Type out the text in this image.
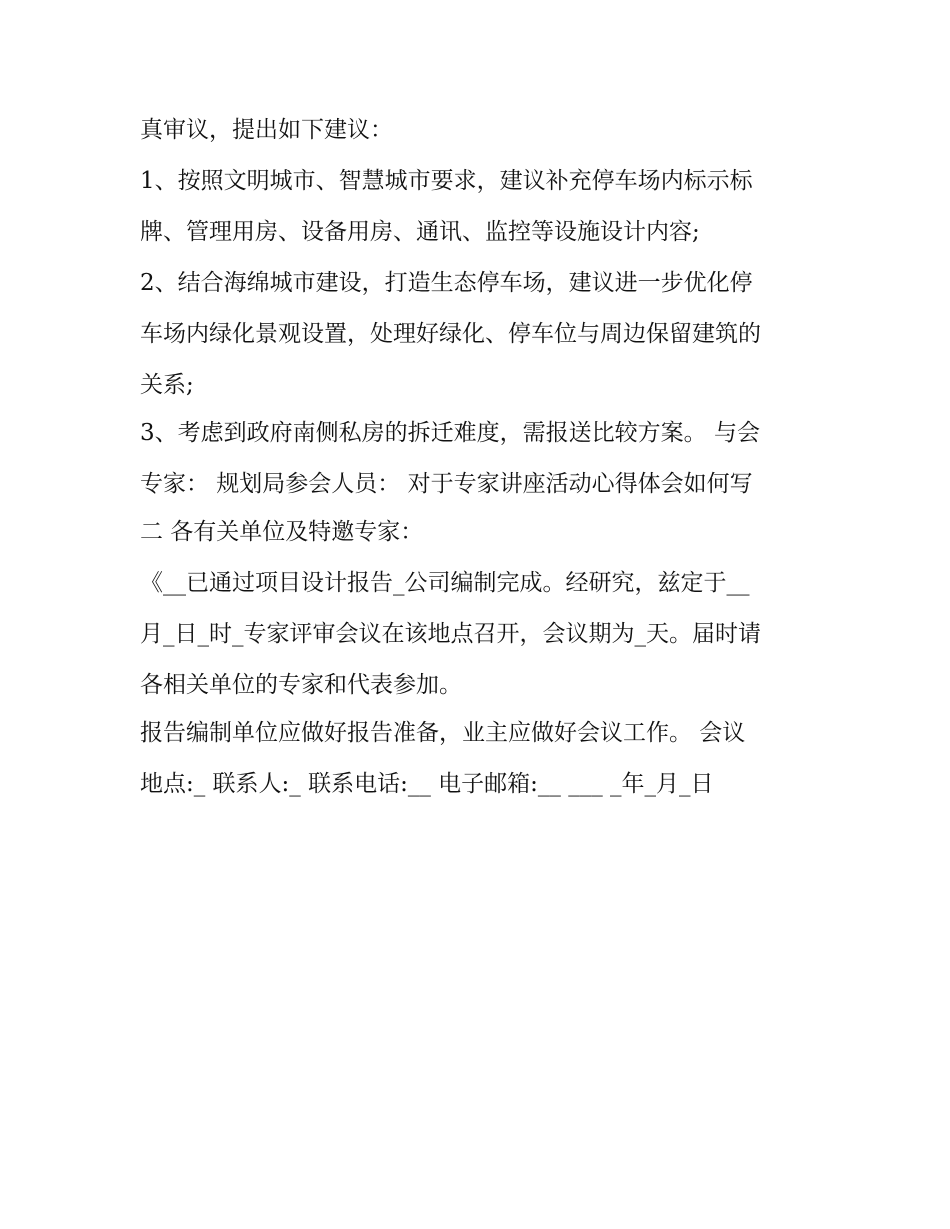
真审议，提出如下建议：
1、按照文明城市、智慧城市要求，建议补充停车场内标示标
牌、管理用房、设备用房、通讯、监控等设施设计内容;
2、结合海绵城市建设，打造生态停车场，建议进一步优化停
车场内绿化景观设置，处理好绿化、停车位与周边保留建筑的
关系;
3、考虑到政府南侧私房的拆迁难度，需报送比较方案。 与会
专家： 规划局参会人员： 对于专家讲座活动心得体会如何写
二 各有关单位及特邀专家：
《__已通过项目设计报告_公司编制完成。经研究，兹定于__
月_日_时_专家评审会议在该地点召开，会议期为_天。届时请
各相关单位的专家和代表参加。
报告编制单位应做好报告准备，业主应做好会议工作。 会议
地点:_ 联系人:_ 联系电话:__ 电子邮箱:__ ___ _年_月_日
